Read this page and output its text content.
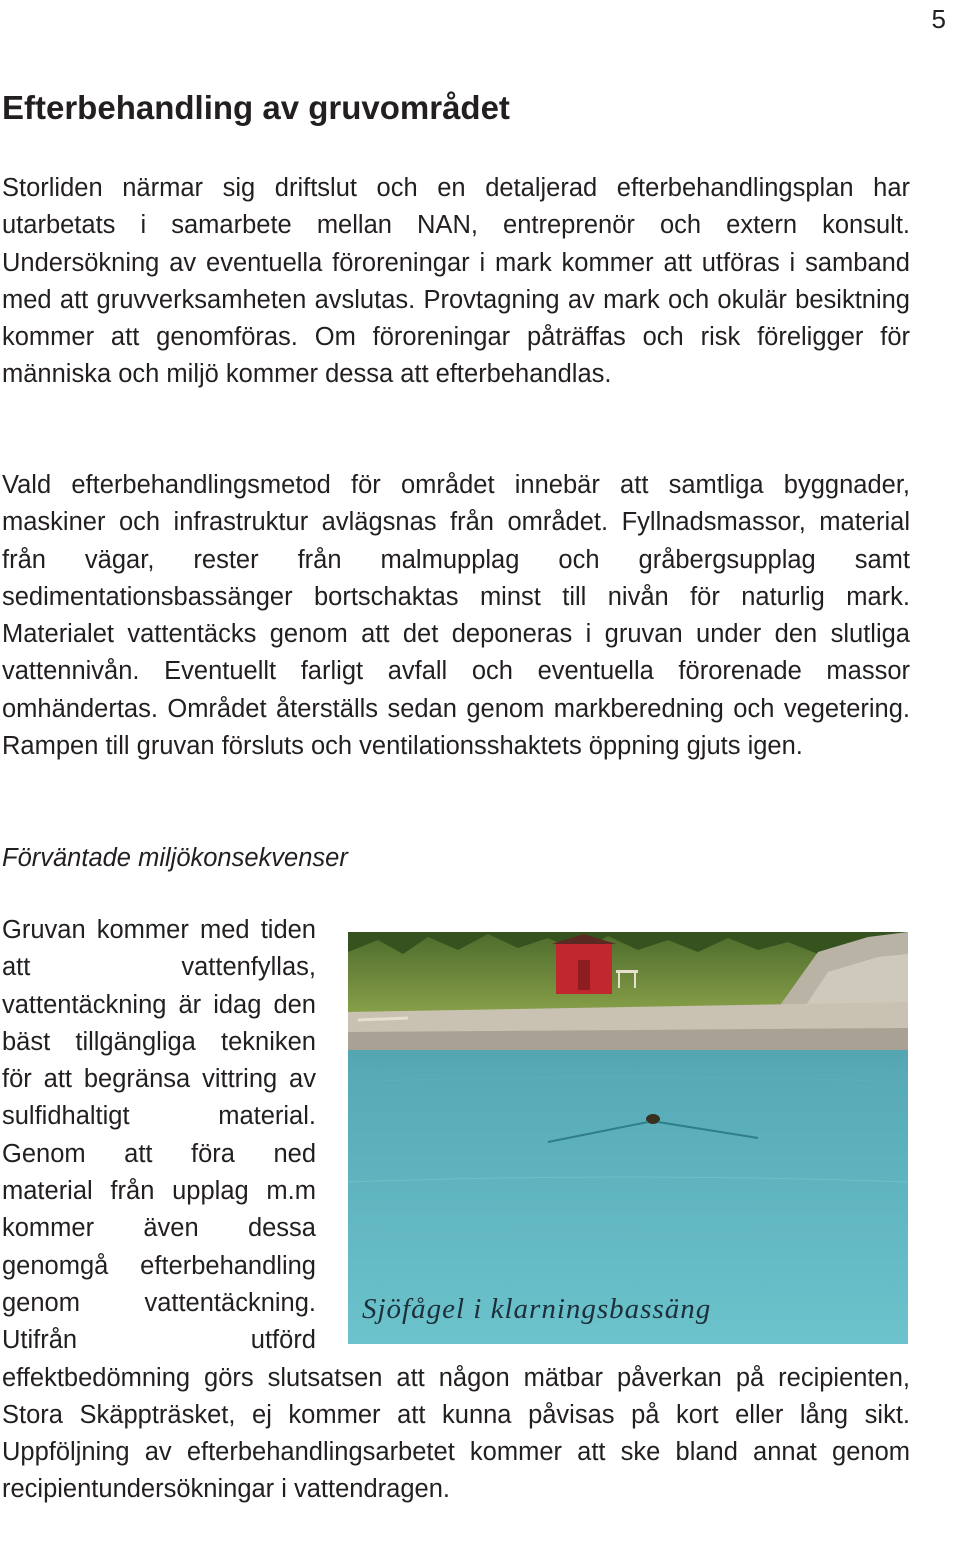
5
Efterbehandling av gruvområdet

Storliden närmar sig driftslut och en detaljerad efterbehandlingsplan har utarbetats i samarbete mellan NAN, entreprenör och extern konsult. Undersökning av eventuella föroreningar i mark kommer att utföras i samband med att gruvverksamheten avslutas. Provtagning av mark och okulär besiktning kommer att genomföras. Om föroreningar påträffas och risk föreligger för människa och miljö kommer dessa att efterbehandlas.

Vald efterbehandlingsmetod för området innebär att samtliga byggnader, maskiner och infrastruktur avlägsnas från området. Fyllnadsmassor, material från vägar, rester från malmupplag och gråbergsupplag samt sedimentationsbassänger bortschaktas minst till nivån för naturlig mark. Materialet vattentäcks genom att det deponeras i gruvan under den slutliga vattennivån. Eventuellt farligt avfall och eventuella förorenade massor omhändertas. Området återställs sedan genom markberedning och vegetering. Rampen till gruvan försluts och ventilationsshaktets öppning gjuts igen.

Förväntade miljökonsekvenser
Sjöfågel i klarningsbassäng
Gruvan kommer med tiden att vattenfyllas, vattentäckning är idag den bäst tillgängliga tekniken för att begränsa vittring av sulfidhaltigt material. Genom att föra ned material från upplag m.m kommer även dessa genomgå efterbehandling genom vattentäckning. Utifrån utförd effektbedömning görs slutsatsen att någon mätbar påverkan på recipienten, Stora Skäppträsket, ej kommer att kunna påvisas på kort eller lång sikt. Uppföljning av efterbehandlingsarbetet kommer att ske bland annat genom recipientundersökningar i vattendragen.
